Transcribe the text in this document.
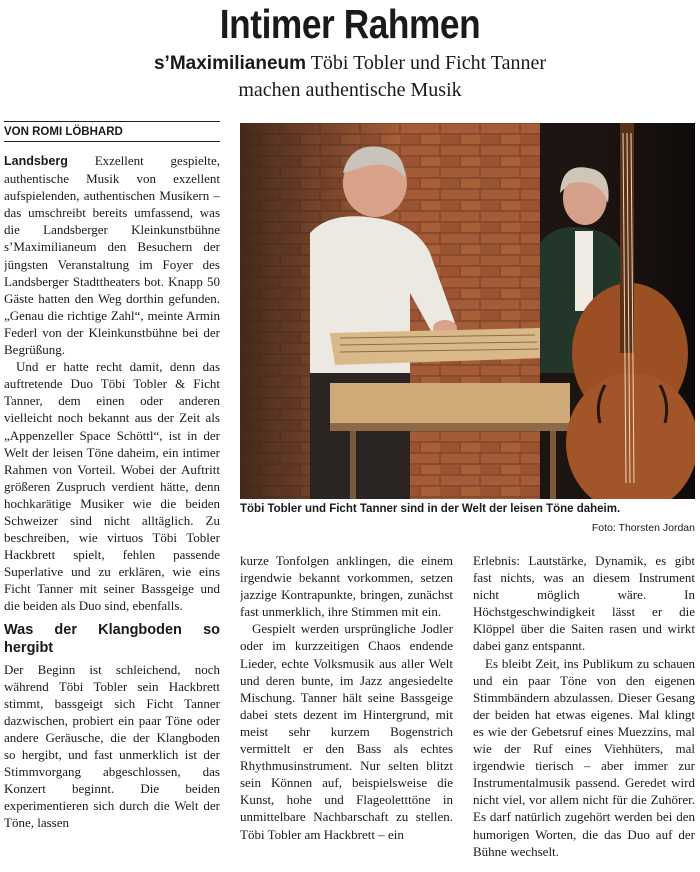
Intimer Rahmen
s’Maximilianeum Töbi Tobler und Ficht Tanner
machen authentische Musik
VON ROMI LÖBHARD

Landsberg Exzellent gespielte, authentische Musik von exzellent aufspielenden, authentischen Musikern – das umschreibt bereits umfassend, was die Landsberger Kleinkunstbühne s’Maximilianeum den Besuchern der jüngsten Veranstaltung im Foyer des Landsberger Stadttheaters bot. Knapp 50 Gäste hatten den Weg dorthin gefunden. „Genau die richtige Zahl“, meinte Armin Federl von der Kleinkunstbühne bei der Begrüßung.

Und er hatte recht damit, denn das auftretende Duo Töbi Tobler & Ficht Tanner, dem einen oder anderen vielleicht noch bekannt aus der Zeit als „Appenzeller Space Schöttl“, ist in der Welt der leisen Töne daheim, ein intimer Rahmen von Vorteil. Wobei der Auftritt größeren Zuspruch verdient hätte, denn hochkarätige Musiker wie die beiden Schweizer sind nicht alltäglich. Zu beschreiben, wie virtuos Töbi Tobler Hackbrett spielt, fehlen passende Superlative und zu erklären, wie eins Ficht Tanner mit seiner Bassgeige und die beiden als Duo sind, ebenfalls.

Was der Klangboden so hergibt

Der Beginn ist schleichend, noch während Töbi Tobler sein Hackbrett stimmt, bassgeigt sich Ficht Tanner dazwischen, probiert ein paar Töne oder andere Geräusche, die der Klangboden so hergibt, und fast unmerklich ist der Stimmvorgang abgeschlossen, das Konzert beginnt. Die beiden experimentieren sich durch die Welt der Töne, lassen

Töbi Tobler und Ficht Tanner sind in der Welt der leisen Töne daheim.
Foto: Thorsten Jordan

kurze Tonfolgen anklingen, die einem irgendwie bekannt vorkommen, setzen jazzige Kontrapunkte, bringen, zunächst fast unmerklich, ihre Stimmen mit ein.

Gespielt werden ursprüngliche Jodler oder im kurzzeitigen Chaos endende Lieder, echte Volksmusik aus aller Welt und deren bunte, im Jazz angesiedelte Mischung. Tanner hält seine Bassgeige dabei stets dezent im Hintergrund, mit meist sehr kurzem Bogenstrich vermittelt er den Bass als echtes Rhythmusinstrument. Nur selten blitzt sein Können auf, beispielsweise die Kunst, hohe und Flageoletttöne in unmittelbare Nachbarschaft zu stellen. Töbi Tobler am Hackbrett – ein

Erlebnis: Lautstärke, Dynamik, es gibt fast nichts, was an diesem Instrument nicht möglich wäre. In Höchstgeschwindigkeit lässt er die Klöppel über die Saiten rasen und wirkt dabei ganz entspannt.

Es bleibt Zeit, ins Publikum zu schauen und ein paar Töne von den eigenen Stimmbändern abzulassen. Dieser Gesang der beiden hat etwas eigenes. Mal klingt es wie der Gebetsruf eines Muezzins, mal wie der Ruf eines Viehhüters, mal irgendwie tierisch – aber immer zur Instrumentalmusik passend. Geredet wird nicht viel, vor allem nicht für die Zuhörer. Es darf natürlich zugehört werden bei den humorigen Worten, die das Duo auf der Bühne wechselt.
